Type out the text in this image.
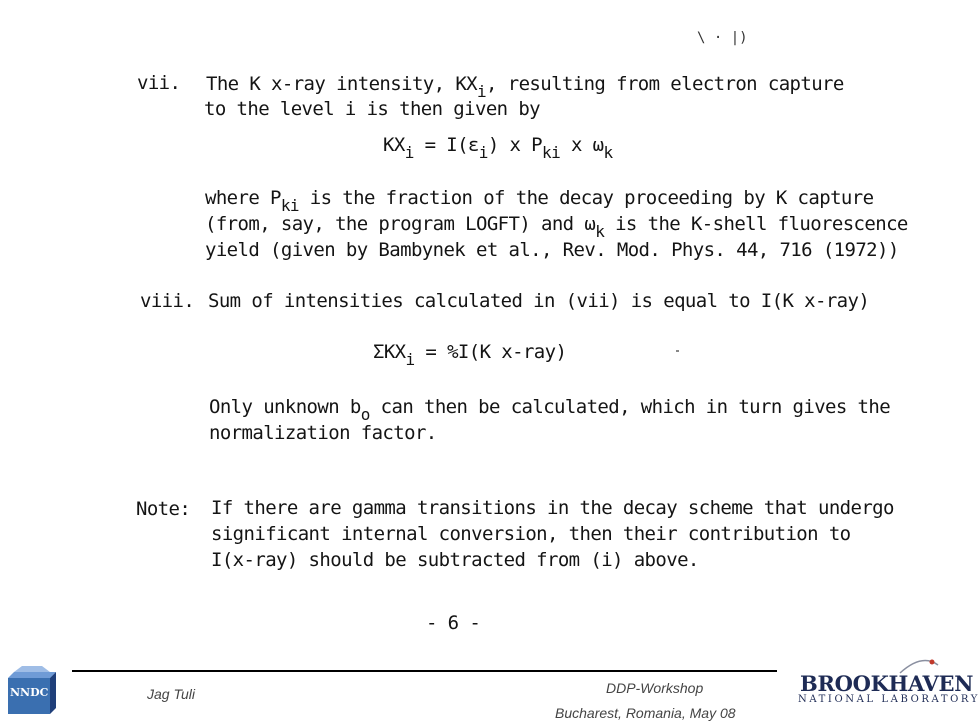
\ · |)
vii. The K x-ray intensity, $KX_i$, resulting from electron capture
to the level i is then given by
$KX_i = I(\varepsilon_i)$ x $P_{ki}$ x $\omega_k$
where $P_{ki}$ is the fraction of the decay proceeding by K capture
(from, say, the program LOGFT) and $\omega_k$ is the K-shell fluorescence
yield (given by Bambynek et al., Rev. Mod. Phys. 44, 716 (1972))
viii. Sum of intensities calculated in (vii) is equal to I(K x-ray)
$\Sigma KX_i = \%I(K$ x-ray)
Only unknown $b_o$ can then be calculated, which in turn gives the
normalization factor.
Note: If there are gamma transitions in the decay scheme that undergo
significant internal conversion, then their contribution to
I(x-ray) should be subtracted from (i) above.
- 6 -
NNDC	Jag Tuli	DDP-Workshop
Bucharest, Romania, May 08
BROOKHAVEN
NATIONAL LABORATORY
